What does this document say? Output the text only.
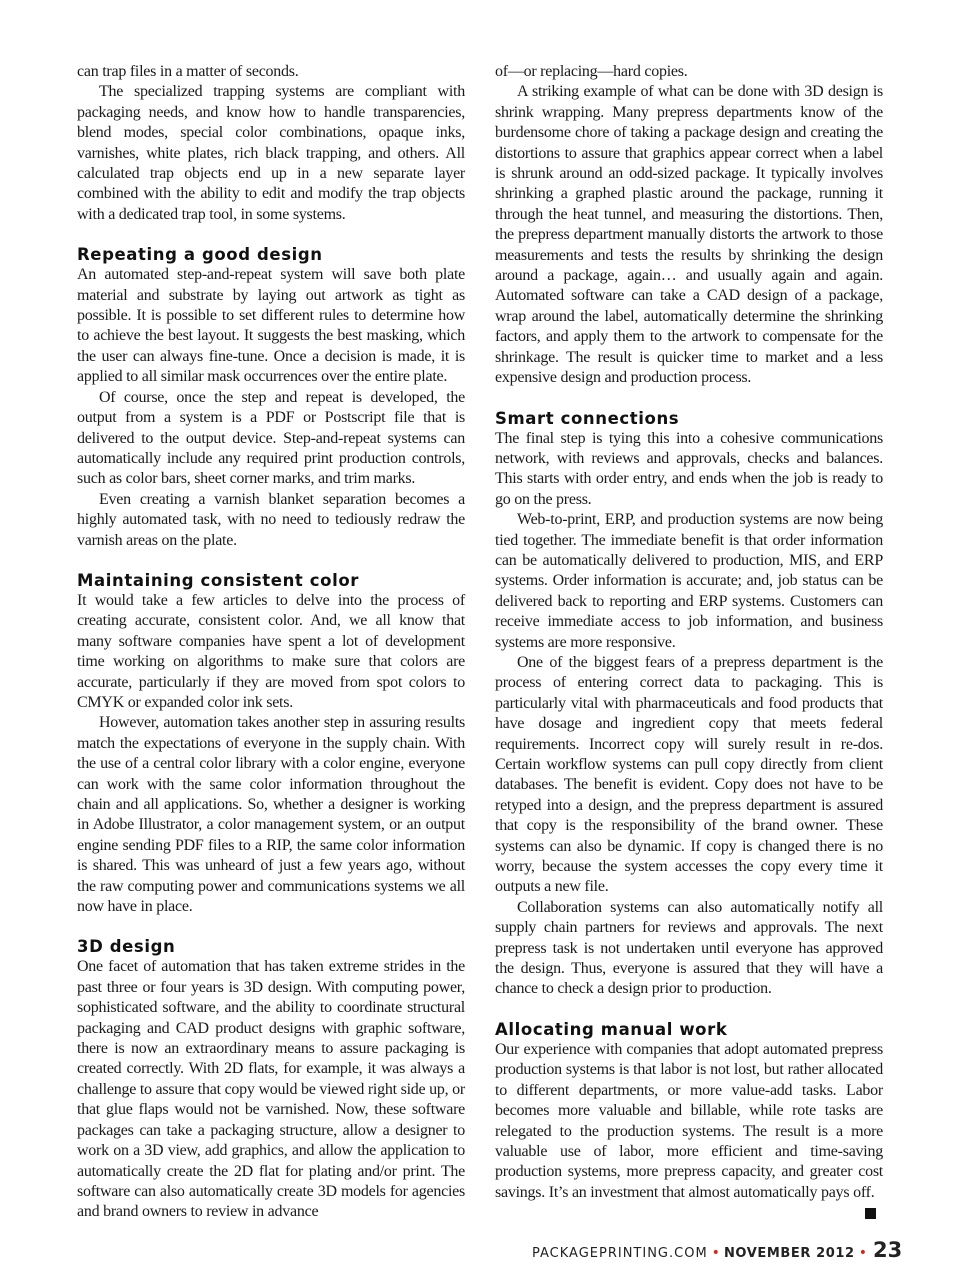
can trap files in a matter of seconds.

The specialized trapping systems are compliant with packaging needs, and know how to handle transparencies, blend modes, special color combinations, opaque inks, varnishes, white plates, rich black trapping, and others. All calculated trap objects end up in a new separate layer combined with the ability to edit and modify the trap objects with a dedicated trap tool, in some systems.

Repeating a good design

An automated step-and-repeat system will save both plate material and substrate by laying out artwork as tight as possible. It is possible to set different rules to determine how to achieve the best layout. It suggests the best masking, which the user can always fine-tune. Once a decision is made, it is applied to all similar mask occurrences over the entire plate.

Of course, once the step and repeat is developed, the output from a system is a PDF or Postscript file that is delivered to the output device. Step-and-repeat systems can automatically include any required print production controls, such as color bars, sheet corner marks, and trim marks.

Even creating a varnish blanket separation becomes a highly automated task, with no need to tediously redraw the varnish areas on the plate.

Maintaining consistent color

It would take a few articles to delve into the process of creating accurate, consistent color. And, we all know that many software companies have spent a lot of development time working on algorithms to make sure that colors are accurate, particularly if they are moved from spot colors to CMYK or expanded color ink sets.

However, automation takes another step in assuring results match the expectations of everyone in the supply chain. With the use of a central color library with a color engine, everyone can work with the same color information throughout the chain and all applications. So, whether a designer is working in Adobe Illustrator, a color management system, or an output engine sending PDF files to a RIP, the same color information is shared. This was unheard of just a few years ago, without the raw computing power and communications systems we all now have in place.

3D design

One facet of automation that has taken extreme strides in the past three or four years is 3D design. With computing power, sophisticated software, and the ability to coordinate structural packaging and CAD product designs with graphic software, there is now an extraordinary means to assure packaging is created correctly. With 2D flats, for example, it was always a challenge to assure that copy would be viewed right side up, or that glue flaps would not be varnished. Now, these software packages can take a packaging structure, allow a designer to work on a 3D view, add graphics, and allow the application to automatically create the 2D flat for plating and/or print. The software can also automatically create 3D models for agencies and brand owners to review in advance

of—or replacing—hard copies.

A striking example of what can be done with 3D design is shrink wrapping. Many prepress departments know of the burdensome chore of taking a package design and creating the distortions to assure that graphics appear correct when a label is shrunk around an odd-sized package. It typically involves shrinking a graphed plastic around the package, running it through the heat tunnel, and measuring the distortions. Then, the prepress department manually distorts the artwork to those measurements and tests the results by shrinking the design around a package, again… and usually again and again. Automated software can take a CAD design of a package, wrap around the label, automatically determine the shrinking factors, and apply them to the artwork to compensate for the shrinkage. The result is quicker time to market and a less expensive design and production process.

Smart connections

The final step is tying this into a cohesive communications network, with reviews and approvals, checks and balances. This starts with order entry, and ends when the job is ready to go on the press.

Web-to-print, ERP, and production systems are now being tied together. The immediate benefit is that order information can be automatically delivered to production, MIS, and ERP systems. Order information is accurate; and, job status can be delivered back to reporting and ERP systems. Customers can receive immediate access to job information, and business systems are more responsive.

One of the biggest fears of a prepress department is the process of entering correct data to packaging. This is particularly vital with pharmaceuticals and food products that have dosage and ingredient copy that meets federal requirements. Incorrect copy will surely result in re-dos. Certain workflow systems can pull copy directly from client databases. The benefit is evident. Copy does not have to be retyped into a design, and the prepress department is assured that copy is the responsibility of the brand owner. These systems can also be dynamic. If copy is changed there is no worry, because the system accesses the copy every time it outputs a new file.

Collaboration systems can also automatically notify all supply chain partners for reviews and approvals. The next prepress task is not undertaken until everyone has approved the design. Thus, everyone is assured that they will have a chance to check a design prior to production.

Allocating manual work

Our experience with companies that adopt automated prepress production systems is that labor is not lost, but rather allocated to different departments, or more value-add tasks. Labor becomes more valuable and billable, while rote tasks are relegated to the production systems. The result is a more valuable use of labor, more efficient and time-saving production systems, more prepress capacity, and greater cost savings. It’s an investment that almost automatically pays off.

PACKAGEPRINTING.COM • NOVEMBER 2012 • 23
